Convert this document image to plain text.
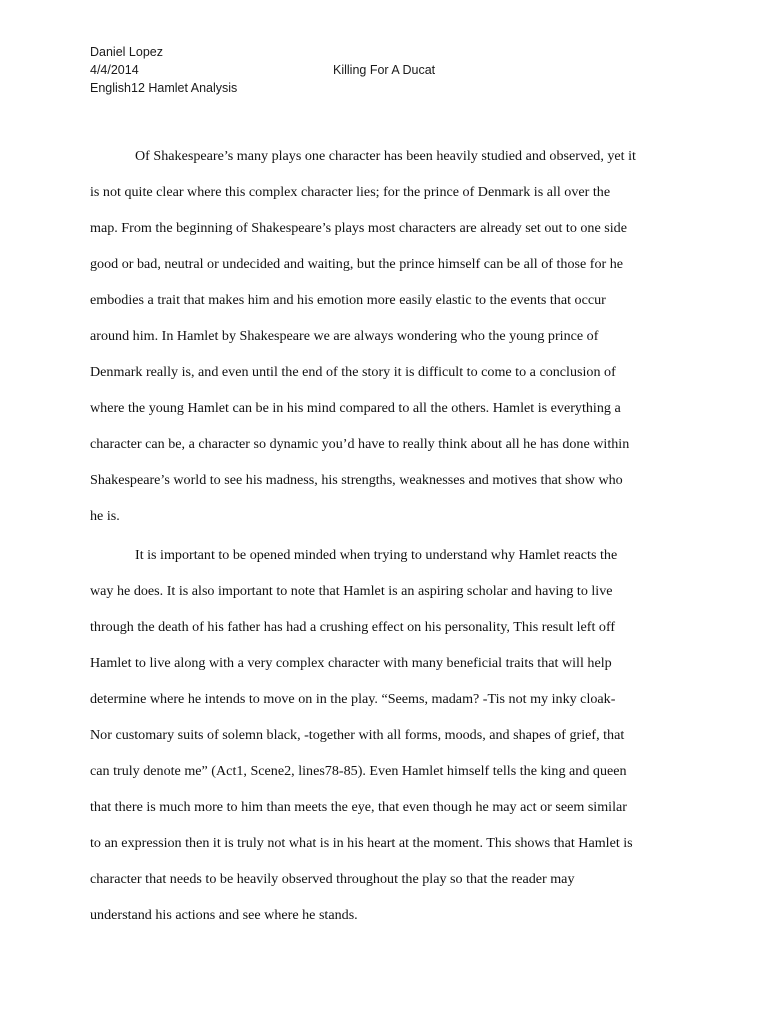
Daniel Lopez
4/4/2014
English12 Hamlet Analysis
Killing For A Ducat
Of Shakespeare’s many plays one character has been heavily studied and observed, yet it
is not quite clear where this complex character lies; for the prince of Denmark is all over the
map. From the beginning of Shakespeare’s plays most characters are already set out to one side
good or bad, neutral or undecided and waiting, but the prince himself can be all of those for he
embodies a trait that makes him and his emotion more easily elastic to the events that occur
around him. In Hamlet by Shakespeare we are always wondering who the young prince of
Denmark really is, and even until the end of the story it is difficult to come to a conclusion of
where the young Hamlet can be in his mind compared to all the others. Hamlet is everything a
character can be, a character so dynamic you’d have to really think about all he has done within
Shakespeare’s world to see his madness, his strengths, weaknesses and motives that show who
he is.
It is important to be opened minded when trying to understand why Hamlet reacts the
way he does. It is also important to note that Hamlet is an aspiring scholar and having to live
through the death of his father has had a crushing effect on his personality, This result left off
Hamlet to live along with a very complex character with many beneficial traits that will help
determine where he intends to move on in the play. “Seems, madam? -Tis not my inky cloak-
Nor customary suits of solemn black, -together with all forms, moods, and shapes of grief, that
can truly denote me” (Act1, Scene2, lines78-85). Even Hamlet himself tells the king and queen
that there is much more to him than meets the eye, that even though he may act or seem similar
to an expression then it is truly not what is in his heart at the moment. This shows that Hamlet is
character that needs to be heavily observed throughout the play so that the reader may
understand his actions and see where he stands.
